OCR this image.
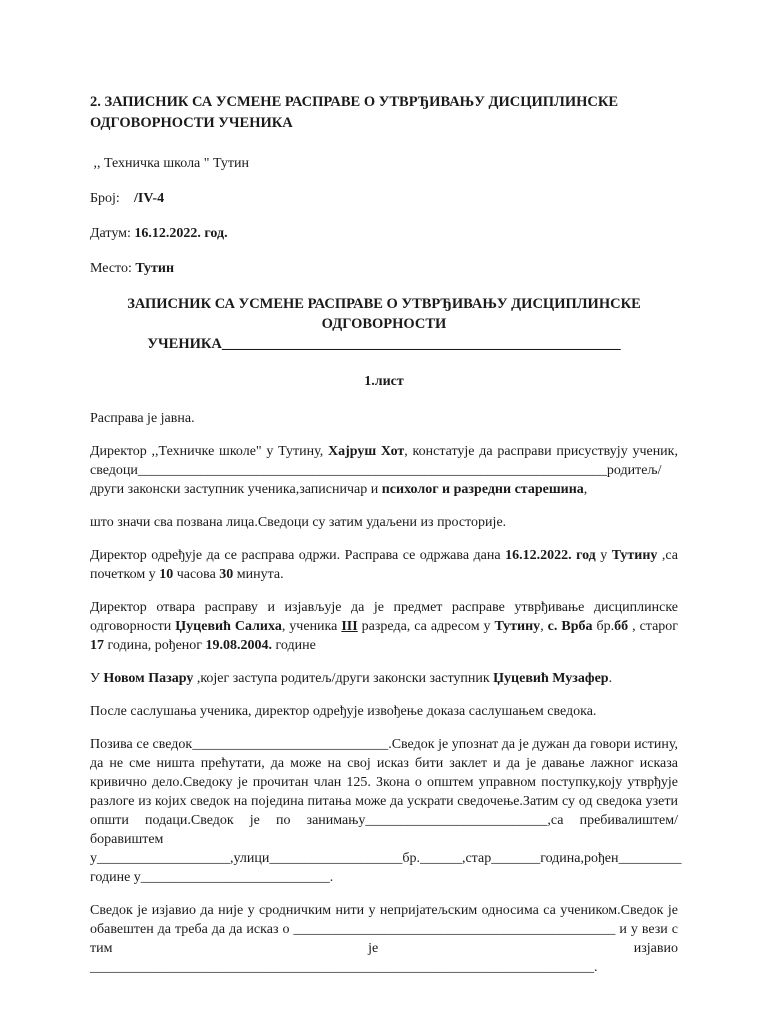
2. ЗАПИСНИК СА УСМЕНЕ РАСПРАВЕ О УТВРЂИВАЊУ ДИСЦИПЛИНСКЕ ОДГОВОРНОСТИ УЧЕНИКА
,, Техничка школа " Тутин
Број: /IV-4
Датум: 16.12.2022. год.
Место: Тутин
ЗАПИСНИК СА УСМЕНЕ РАСПРАВЕ О УТВРЂИВАЊУ ДИСЦИПЛИНСКЕ
ОДГОВОРНОСТИ УЧЕНИКА_______________________________________________________
1.лист

Расправа је јавна.

Директор ,,Техничке школе" у Тутину, Хајруш Хот, констатује да расправи присуствују ученик, сведоци___________________________________________________________________родитељ/други законски заступник ученика,записничар и психолог и разредни старешина,

што значи сва позвана лица.Сведоци су затим удаљени из просторије.

Директор одређује да се расправа одржи. Расправа се одржава дана 16.12.2022. год у Тутину ,са почетком у 10 часова 30 минута.

Директор отвара расправу и изјављује да је предмет расправе утврђивање дисциплинске одговорности Џуцевић Салиха, ученика III разреда, са адресом у Тутину, с. Врба бр.бб , старог 17 година, рођеног 19.08.2004. године

У Новом Пазару ,којег заступа родитељ/други законски заступник Џуцевић Музафер.

После саслушања ученика, директор одређује извођење доказа саслушањем сведока.

Позива се сведок____________________________.Сведок је упознат да је дужан да говори истину, да не сме ништа прећутати, да може на свој исказ бити заклет и да је давање лажног исказа кривично дело.Сведоку је прочитан члан 125. Зкона о општем управном поступку,коју утврђује разлоге из којих сведок на поједина питања може да ускрати сведочење.Затим су од сведока узети општи подаци.Сведок је по занимању__________________________,са пребивалиштем/боравиштем у___________________,улици___________________бр.______,стар_______година,рођен_________ године у___________________________.

Сведок је изјавио да није у сродничким нити у непријатељским односима са учеником.Сведок је обавештен да треба да да исказ о ______________________________________________ и у вези с тим је изјавио ________________________________________________________________________.
